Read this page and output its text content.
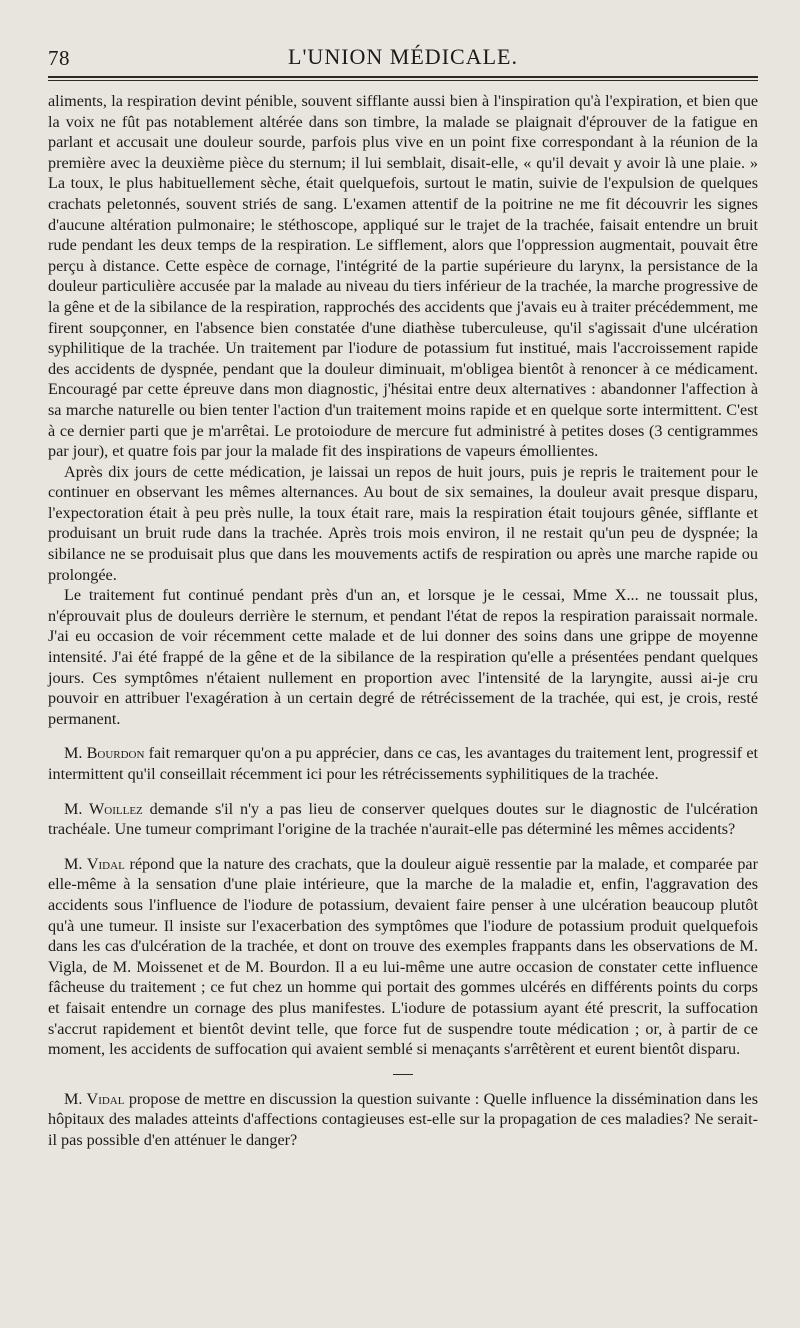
78	L'UNION MÉDICALE.

aliments, la respiration devint pénible, souvent sifflante aussi bien à l'inspiration qu'à l'expiration, et bien que la voix ne fût pas notablement altérée dans son timbre, la malade se plaignait d'éprouver de la fatigue en parlant et accusait une douleur sourde, parfois plus vive en un point fixe correspondant à la réunion de la première avec la deuxième pièce du sternum; il lui semblait, disait-elle, « qu'il devait y avoir là une plaie. » La toux, le plus habituellement sèche, était quelquefois, surtout le matin, suivie de l'expulsion de quelques crachats peletonnés, souvent striés de sang. L'examen attentif de la poitrine ne me fit découvrir les signes d'aucune altération pulmonaire; le stéthoscope, appliqué sur le trajet de la trachée, faisait entendre un bruit rude pendant les deux temps de la respiration. Le sifflement, alors que l'oppression augmentait, pouvait être perçu à distance. Cette espèce de cornage, l'intégrité de la partie supérieure du larynx, la persistance de la douleur particulière accusée par la malade au niveau du tiers inférieur de la trachée, la marche progressive de la gêne et de la sibilance de la respiration, rapprochés des accidents que j'avais eu à traiter précédemment, me firent soupçonner, en l'absence bien constatée d'une diathèse tuberculeuse, qu'il s'agissait d'une ulcération syphilitique de la trachée. Un traitement par l'iodure de potassium fut institué, mais l'accroissement rapide des accidents de dyspnée, pendant que la douleur diminuait, m'obligea bientôt à renoncer à ce médicament. Encouragé par cette épreuve dans mon diagnostic, j'hésitai entre deux alternatives : abandonner l'affection à sa marche naturelle ou bien tenter l'action d'un traitement moins rapide et en quelque sorte intermittent. C'est à ce dernier parti que je m'arrêtai. Le protoiodure de mercure fut administré à petites doses (3 centigrammes par jour), et quatre fois par jour la malade fit des inspirations de vapeurs émollientes.

Après dix jours de cette médication, je laissai un repos de huit jours, puis je repris le traitement pour le continuer en observant les mêmes alternances. Au bout de six semaines, la douleur avait presque disparu, l'expectoration était à peu près nulle, la toux était rare, mais la respiration était toujours gênée, sifflante et produisant un bruit rude dans la trachée. Après trois mois environ, il ne restait qu'un peu de dyspnée; la sibilance ne se produisait plus que dans les mouvements actifs de respiration ou après une marche rapide ou prolongée.

Le traitement fut continué pendant près d'un an, et lorsque je le cessai, Mme X... ne toussait plus, n'éprouvait plus de douleurs derrière le sternum, et pendant l'état de repos la respiration paraissait normale. J'ai eu occasion de voir récemment cette malade et de lui donner des soins dans une grippe de moyenne intensité. J'ai été frappé de la gêne et de la sibilance de la respiration qu'elle a présentées pendant quelques jours. Ces symptômes n'étaient nullement en proportion avec l'intensité de la laryngite, aussi ai-je cru pouvoir en attribuer l'exagération à un certain degré de rétrécissement de la trachée, qui est, je crois, resté permanent.

M. Bourdon fait remarquer qu'on a pu apprécier, dans ce cas, les avantages du traitement lent, progressif et intermittent qu'il conseillait récemment ici pour les rétrécissements syphilitiques de la trachée.

M. Woillez demande s'il n'y a pas lieu de conserver quelques doutes sur le diagnostic de l'ulcération trachéale. Une tumeur comprimant l'origine de la trachée n'aurait-elle pas déterminé les mêmes accidents?

M. Vidal répond que la nature des crachats, que la douleur aiguë ressentie par la malade, et comparée par elle-même à la sensation d'une plaie intérieure, que la marche de la maladie et, enfin, l'aggravation des accidents sous l'influence de l'iodure de potassium, devaient faire penser à une ulcération beaucoup plutôt qu'à une tumeur. Il insiste sur l'exacerbation des symptômes que l'iodure de potassium produit quelquefois dans les cas d'ulcération de la trachée, et dont on trouve des exemples frappants dans les observations de M. Vigla, de M. Moissenet et de M. Bourdon. Il a eu lui-même une autre occasion de constater cette influence fâcheuse du traitement ; ce fut chez un homme qui portait des gommes ulcérés en différents points du corps et faisait entendre un cornage des plus manifestes. L'iodure de potassium ayant été prescrit, la suffocation s'accrut rapidement et bientôt devint telle, que force fut de suspendre toute médication ; or, à partir de ce moment, les accidents de suffocation qui avaient semblé si menaçants s'arrêtèrent et eurent bientôt disparu.

M. Vidal propose de mettre en discussion la question suivante : Quelle influence la dissémination dans les hôpitaux des malades atteints d'affections contagieuses est-elle sur la propagation de ces maladies? Ne serait-il pas possible d'en atténuer le danger?
